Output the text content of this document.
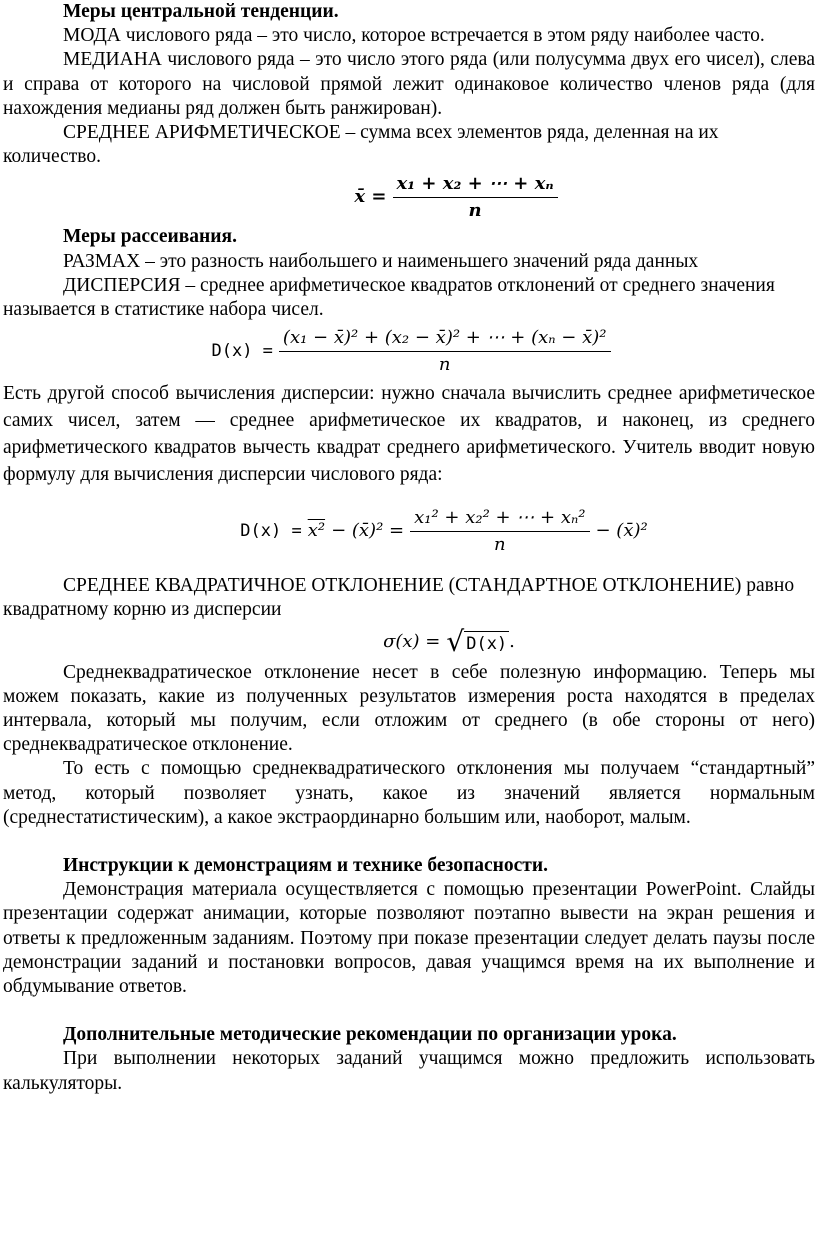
Меры центральной тенденции.

МОДА числового ряда – это число, которое встречается в этом ряду наиболее часто.

МЕДИАНА числового ряда – это число этого ряда (или полусумма двух его чисел), слева и справа от которого на числовой прямой лежит одинаковое количество членов ряда (для нахождения медианы ряд должен быть ранжирован).

СРЕДНЕЕ АРИФМЕТИЧЕСКОЕ – сумма всех элементов ряда, деленная на их количество.

x̄ = $\frac{\text{x₁ + x₂ + ⋯ + xₙ}}{n}$

Меры рассеивания.

РАЗМАХ – это разность наибольшего и наименьшего значений ряда данных

ДИСПЕРСИЯ – среднее арифметическое квадратов отклонений от среднего значения называется в статистике набора чисел.

$D(x) = \frac{\text{(x₁ − x̄)² + (x₂ − x̄)² + ⋯ + (xₙ − x̄)²}}{n}$

Есть другой способ вычисления дисперсии: нужно сначала вычислить среднее арифметическое самих чисел, затем — среднее арифметическое их квадратов, и наконец, из среднего арифметического квадратов вычесть квадрат среднего арифметического. Учитель вводит новую формулу для вычисления дисперсии числового ряда:

D(x) = x² − (x̄)² = $\frac{\text{x₁² + x₂² + ⋯ + xₙ²}}{n}$ − (x̄)²

СРЕДНЕЕ КВАДРАТИЧНОЕ ОТКЛОНЕНИЕ (СТАНДАРТНОЕ ОТКЛОНЕНИЕ) равно квадратному корню из дисперсии

σ(x) = √ D(x) .

Среднеквадратическое отклонение несет в себе полезную информацию. Теперь мы можем показать, какие из полученных результатов измерения роста находятся в пределах интервала, который мы получим, если отложим от среднего (в обе стороны от него) среднеквадратическое отклонение.

То есть с помощью среднеквадратического отклонения мы получаем “стандартный” метод, который позволяет узнать, какое из значений является нормальным (среднестатистическим), а какое экстраординарно большим или, наоборот, малым.

Инструкции к демонстрациям и технике безопасности.

Демонстрация материала осуществляется с помощью презентации PowerPoint. Слайды презентации содержат анимации, которые позволяют поэтапно вывести на экран решения и ответы к предложенным заданиям. Поэтому при показе презентации следует делать паузы после демонстрации заданий и постановки вопросов, давая учащимся время на их выполнение и обдумывание ответов.

Дополнительные методические рекомендации по организации урока.

При выполнении некоторых заданий учащимся можно предложить использовать калькуляторы.
